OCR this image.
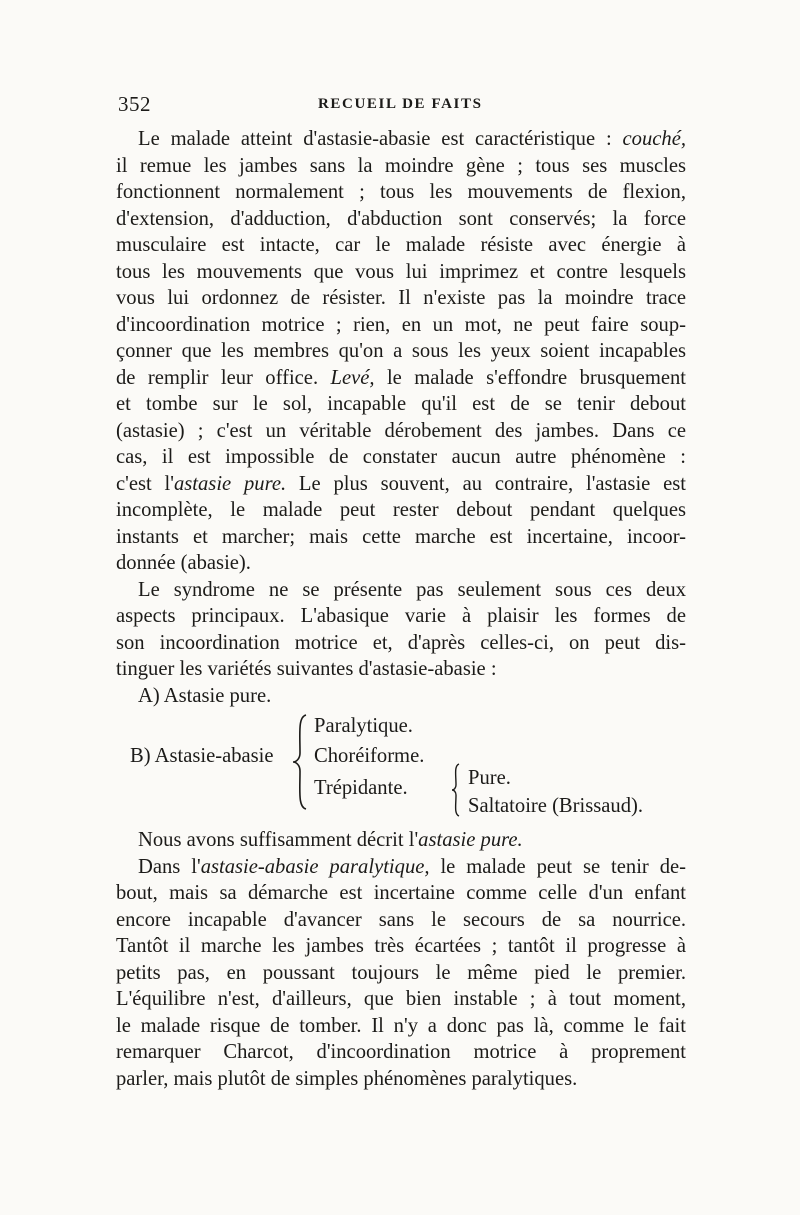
352	RECUEIL DE FAITS
Le malade atteint d'astasie-abasie est caractéristique : couché,
il remue les jambes sans la moindre gène ; tous ses muscles
fonctionnent normalement ; tous les mouvements de flexion,
d'extension, d'adduction, d'abduction sont conservés; la force
musculaire est intacte, car le malade résiste avec énergie à
tous les mouvements que vous lui imprimez et contre lesquels
vous lui ordonnez de résister. Il n'existe pas la moindre trace
d'incoordination motrice ; rien, en un mot, ne peut faire soup-
çonner que les membres qu'on a sous les yeux soient incapables
de remplir leur office. Levé, le malade s'effondre brusquement
et tombe sur le sol, incapable qu'il est de se tenir debout
(astasie) ; c'est un véritable dérobement des jambes. Dans ce
cas, il est impossible de constater aucun autre phénomène :
c'est l'astasie pure. Le plus souvent, au contraire, l'astasie est
incomplète, le malade peut rester debout pendant quelques
instants et marcher; mais cette marche est incertaine, incoor-
donnée (abasie).
Le syndrome ne se présente pas seulement sous ces deux
aspects principaux. L'abasique varie à plaisir les formes de
son incoordination motrice et, d'après celles-ci, on peut dis-
tinguer les variétés suivantes d'astasie-abasie :
A) Astasie pure.
B) Astasie-abasie
Paralytique.
Choréiforme.
Trépidante.	Pure.
Saltatoire (Brissaud).
Nous avons suffisamment décrit l'astasie pure.
Dans l'astasie-abasie paralytique, le malade peut se tenir de-
bout, mais sa démarche est incertaine comme celle d'un enfant
encore incapable d'avancer sans le secours de sa nourrice.
Tantôt il marche les jambes très écartées ; tantôt il progresse à
petits pas, en poussant toujours le même pied le premier.
L'équilibre n'est, d'ailleurs, que bien instable ; à tout moment,
le malade risque de tomber. Il n'y a donc pas là, comme le fait
remarquer Charcot, d'incoordination motrice à proprement
parler, mais plutôt de simples phénomènes paralytiques.
